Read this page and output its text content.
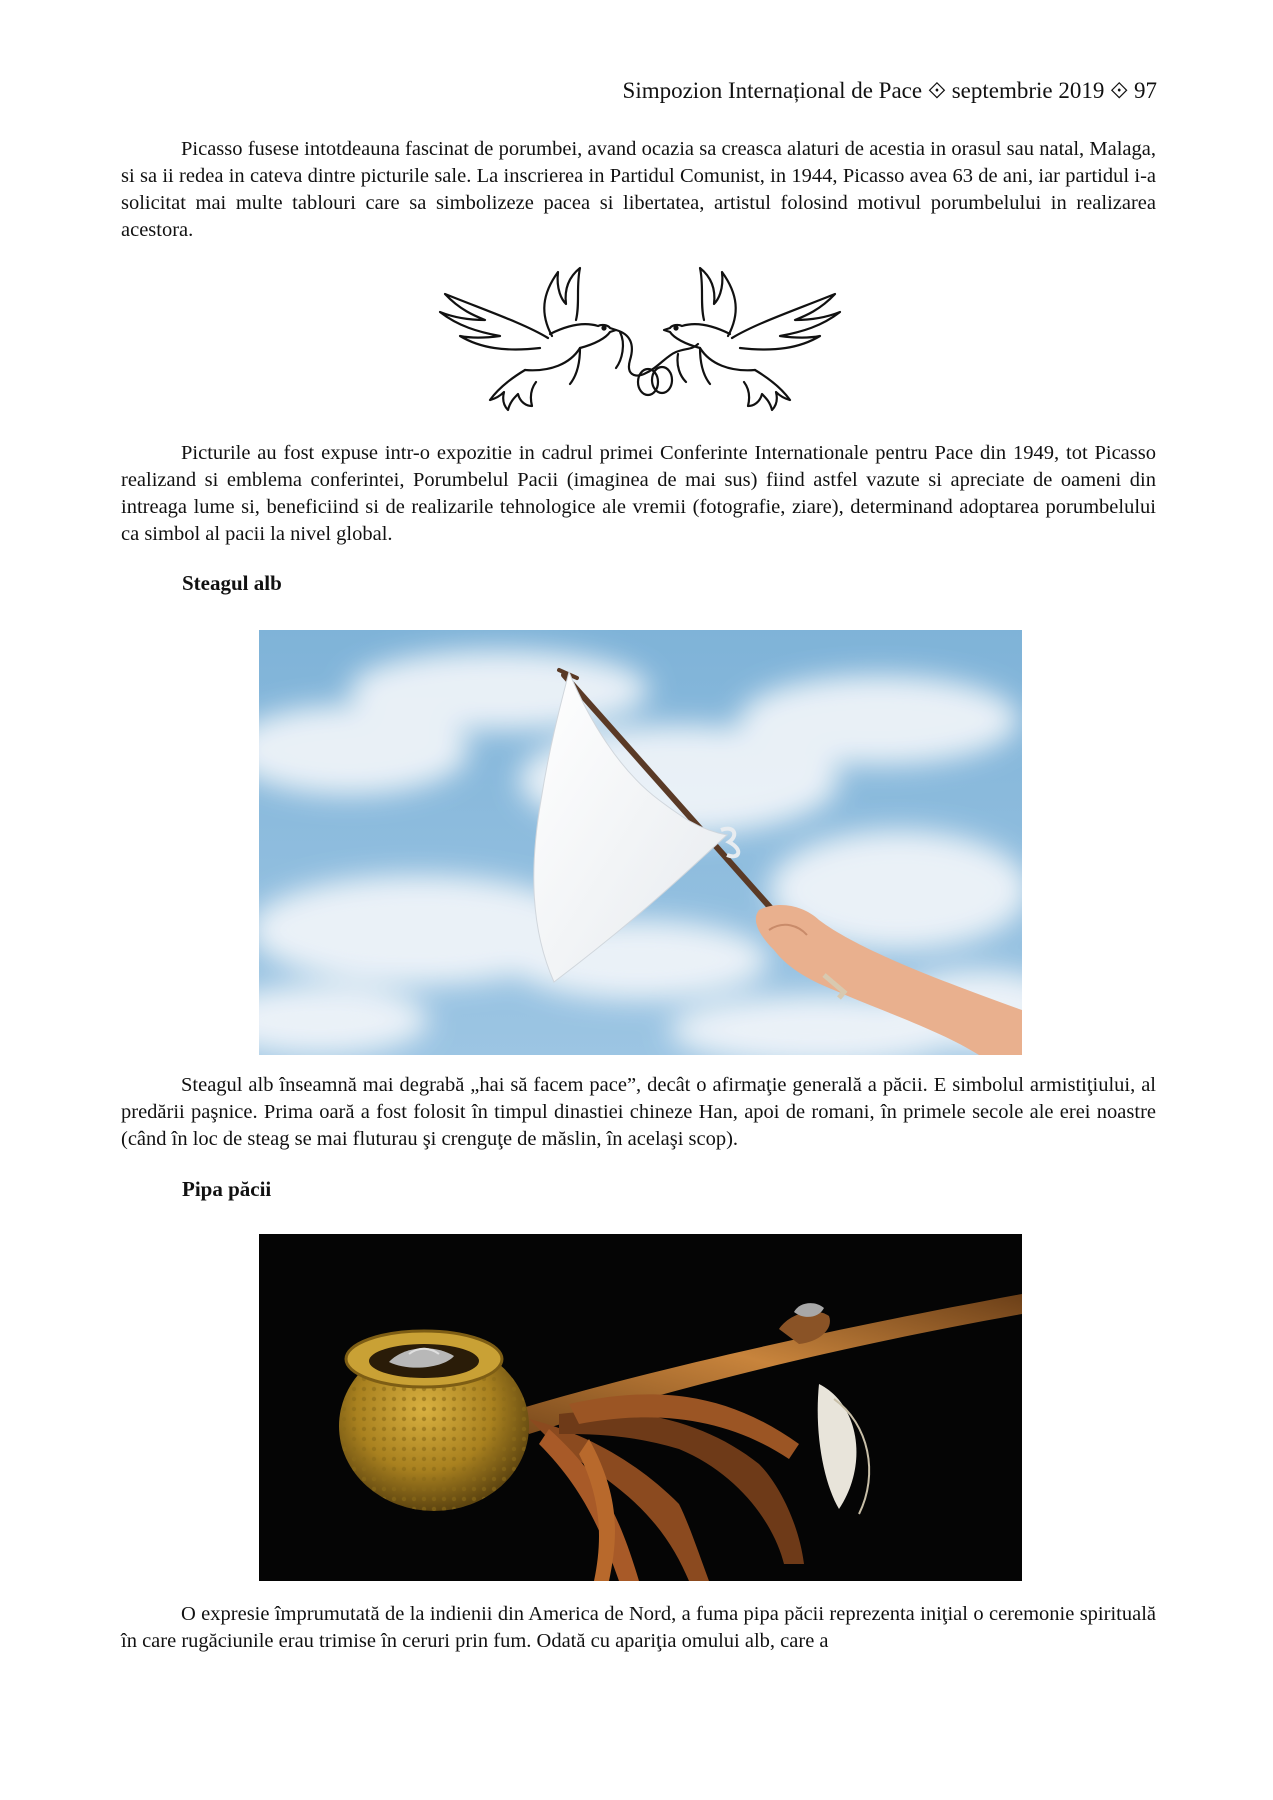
Simpozion Internațional de Pace ⟐ septembrie 2019 ⟐ 97

Picasso fusese intotdeauna fascinat de porumbei, avand ocazia sa creasca alaturi de acestia in orasul sau natal, Malaga, si sa ii redea in cateva dintre picturile sale. La inscrierea in Partidul Comunist, in 1944, Picasso avea 63 de ani, iar partidul i-a solicitat mai multe tablouri care sa simbolizeze pacea si libertatea, artistul folosind motivul porumbelului in realizarea acestora.

Picturile au fost expuse intr-o expozitie in cadrul primei Conferinte Internationale pentru Pace din 1949, tot Picasso realizand si emblema conferintei, Porumbelul Pacii (imaginea de mai sus) fiind astfel vazute si apreciate de oameni din intreaga lume si, beneficiind si de realizarile tehnologice ale vremii (fotografie, ziare), determinand adoptarea porumbelului ca simbol al pacii la nivel global.

Steagul alb

Steagul alb înseamnă mai degrabă „hai să facem pace”, decât o afirmaţie generală a păcii. E simbolul armistiţiului, al predării paşnice. Prima oară a fost folosit în timpul dinastiei chineze Han, apoi de romani, în primele secole ale erei noastre (când în loc de steag se mai fluturau şi crenguţe de măslin, în acelaşi scop).

Pipa păcii

O expresie împrumutată de la indienii din America de Nord, a fuma pipa păcii reprezenta iniţial o ceremonie spirituală în care rugăciunile erau trimise în ceruri prin fum. Odată cu apariţia omului alb, care a
